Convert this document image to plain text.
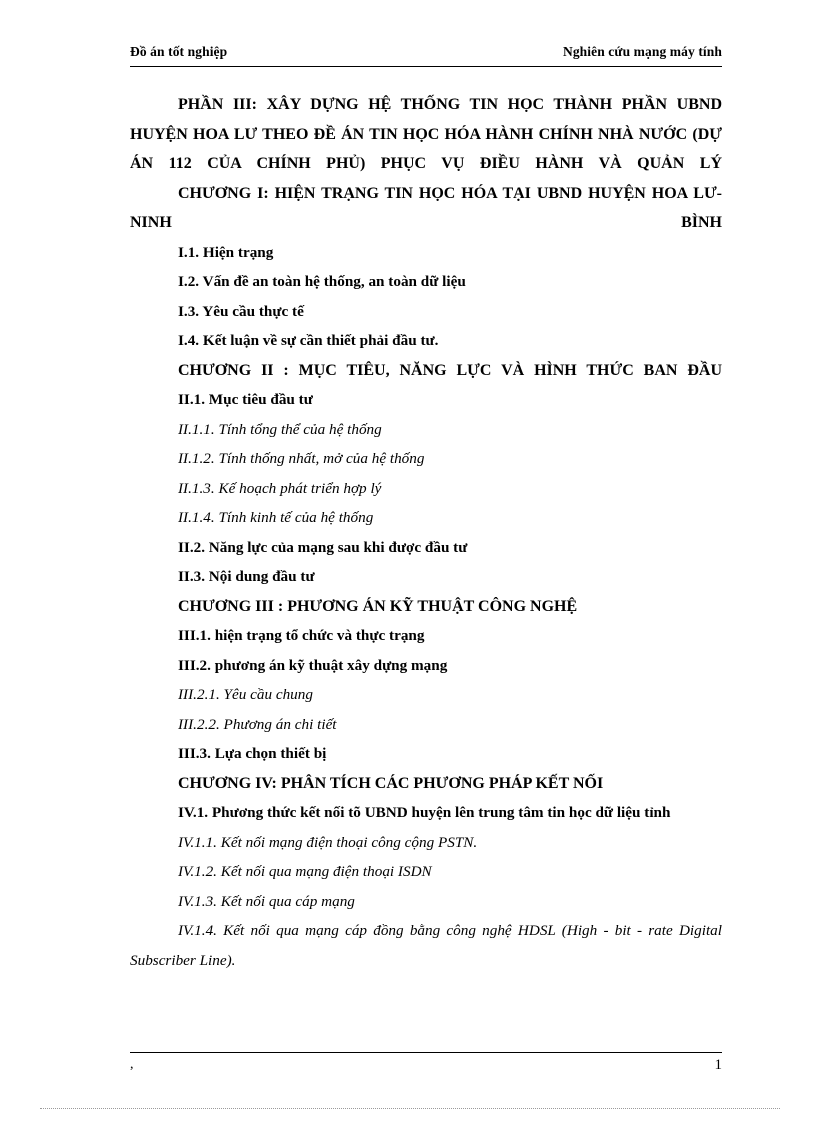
Đồ án tốt nghiệp	Nghiên cứu mạng máy tính

PHẦN III: XÂY DỰNG HỆ THỐNG TIN HỌC THÀNH PHẦN UBND HUYỆN HOA LƯ THEO ĐỀ ÁN TIN HỌC HÓA HÀNH CHÍNH NHÀ NƯỚC (DỰ ÁN 112 CỦA CHÍNH PHỦ) PHỤC VỤ ĐIỀU HÀNH VÀ QUẢN LÝ

CHƯƠNG I: HIỆN TRẠNG TIN HỌC HÓA TẠI UBND HUYỆN HOA LƯ- NINH BÌNH

I.1. Hiện trạng

I.2. Vấn đề an toàn hệ thống, an toàn dữ liệu

I.3. Yêu cầu thực tế

I.4. Kết luận về sự cần thiết phải đầu tư.

CHƯƠNG II : MỤC TIÊU, NĂNG LỰC VÀ HÌNH THỨC BAN ĐẦU

II.1. Mục tiêu đầu tư

II.1.1. Tính tổng thể của hệ thống

II.1.2. Tính thống nhất, mở của hệ thống

II.1.3. Kế hoạch phát triển hợp lý

II.1.4. Tính kinh tế của hệ thống

II.2. Năng lực của mạng sau khi được đầu tư

II.3. Nội dung đầu tư

CHƯƠNG III : PHƯƠNG ÁN KỸ THUẬT CÔNG NGHỆ

III.1. hiện trạng tổ chức và thực trạng

III.2. phương án kỹ thuật xây dựng mạng

III.2.1. Yêu cầu chung

III.2.2. Phương án chi tiết

III.3. Lựa chọn thiết bị

CHƯƠNG IV: PHÂN TÍCH CÁC PHƯƠNG PHÁP KẾT NỐI

IV.1. Phương thức kết nối tõ UBND huyện lên trung tâm tin học dữ liệu tỉnh

IV.1.1. Kết nối mạng điện thoại công cộng PSTN.

IV.1.2. Kết nối qua mạng điện thoại ISDN

IV.1.3. Kết nối qua cáp mạng

IV.1.4. Kết nối qua mạng cáp đồng bằng công nghệ HDSL (High - bit - rate Digital Subscriber Line).

,	1
